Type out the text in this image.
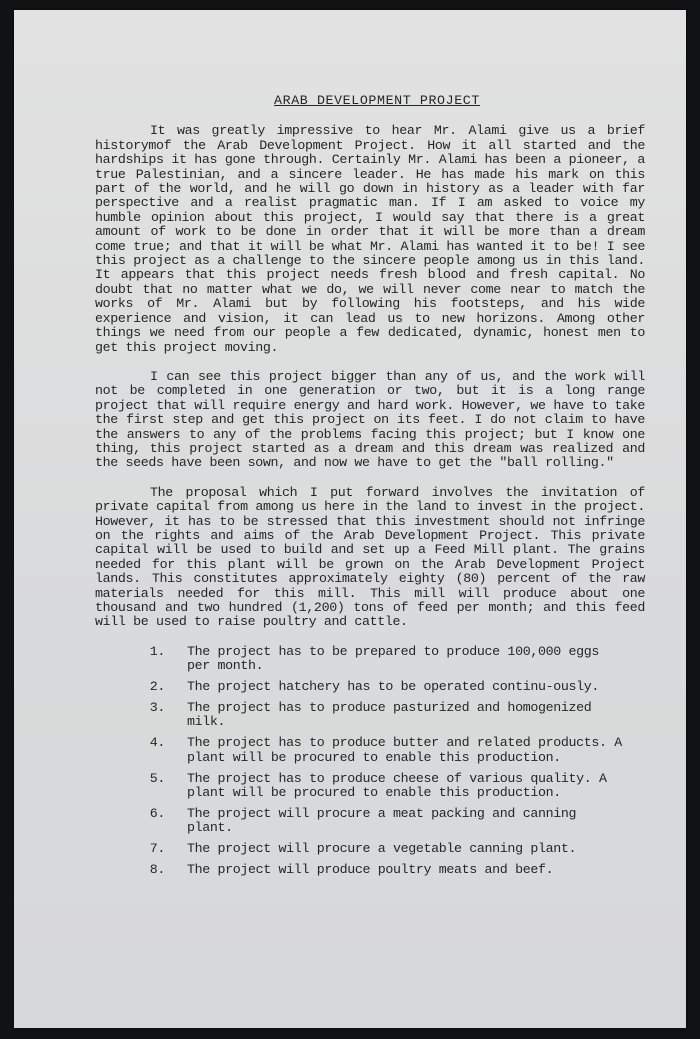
ARAB DEVELOPMENT PROJECT

It was greatly impressive to hear Mr. Alami give us a brief historymof the Arab Development Project. How it all started and the hardships it has gone through. Certainly Mr. Alami has been a pioneer, a true Palestinian, and a sincere leader. He has made his mark on this part of the world, and he will go down in history as a leader with far perspective and a realist pragmatic man. If I am asked to voice my humble opinion about this project, I would say that there is a great amount of work to be done in order that it will be more than a dream come true; and that it will be what Mr. Alami has wanted it to be! I see this project as a challenge to the sincere people among us in this land. It appears that this project needs fresh blood and fresh capital. No doubt that no matter what we do, we will never come near to match the works of Mr. Alami but by following his footsteps, and his wide experience and vision, it can lead us to new horizons. Among other things we need from our people a few dedicated, dynamic, honest men to get this project moving.

I can see this project bigger than any of us, and the work will not be completed in one generation or two, but it is a long range project that will require energy and hard work. However, we have to take the first step and get this project on its feet. I do not claim to have the answers to any of the problems facing this project; but I know one thing, this project started as a dream and this dream was realized and the seeds have been sown, and now we have to get the "ball rolling."

The proposal which I put forward involves the invitation of private capital from among us here in the land to invest in the project. However, it has to be stressed that this investment should not infringe on the rights and aims of the Arab Development Project. This private capital will be used to build and set up a Feed Mill plant. The grains needed for this plant will be grown on the Arab Development Project lands. This constitutes approximately eighty (80) percent of the raw materials needed for this mill. This mill will produce about one thousand and two hundred (1,200) tons of feed per month; and this feed will be used to raise poultry and cattle.

1.	The project has to be prepared to produce 100,000 eggs per month.
2.	The project hatchery has to be operated continu-ously.
3.	The project has to produce pasturized and homogenized milk.
4.	The project has to produce butter and related products. A plant will be procured to enable this production.
5.	The project has to produce cheese of various quality. A plant will be procured to enable this production.
6.	The project will procure a meat packing and canning plant.
7.	The project will procure a vegetable canning plant.
8.	The project will produce poultry meats and beef.
